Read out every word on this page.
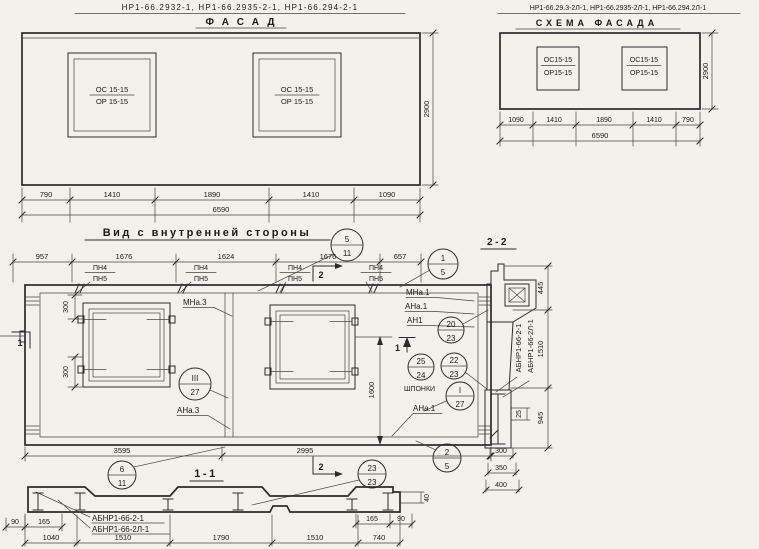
НР1-66.2932-1, НР1-66.2935-2-1, НР1-66.294-2-1
ФАСАД
ОС 15-15
ОР 15-15
ОС 15-15
ОР 15-15	2900
790	1410	1890	1410	1090
6590
НР1-66.29.3-2Л-1, НР1-66.2935-2Л-1, НР1-66.294.2Л-1
СХЕМА ФАСАДА
ОС15-15
ОР15-15
ОС15-15
ОР15-15	2900
1090	1410	1890	1410	790
6590
Вид с внутренней стороны
5
11
957	1676	1624	1676	657
ПН4
ПН5
ПН4
ПН5
ПН4
ПН5
ПН4
ПН5
2
1
300
300
1600
МНа.3
III
27
АНа.3
1
5
МНа.1
АНа.1
АН1	20
23
1
25
24
22
23
ШПОНКИ	I
27
АНа.1
2
5
3595	2995
6
11
1-1
2	23
23
АБНР1-66-2-1
АБНР1-66-2Л-1
90	165	165	90
40
1040	1510	1790	1510	740
2-2
АБНР1-66-2-1 АБНР1-66-2Л-1
25
445
1510
945
300
350
400
